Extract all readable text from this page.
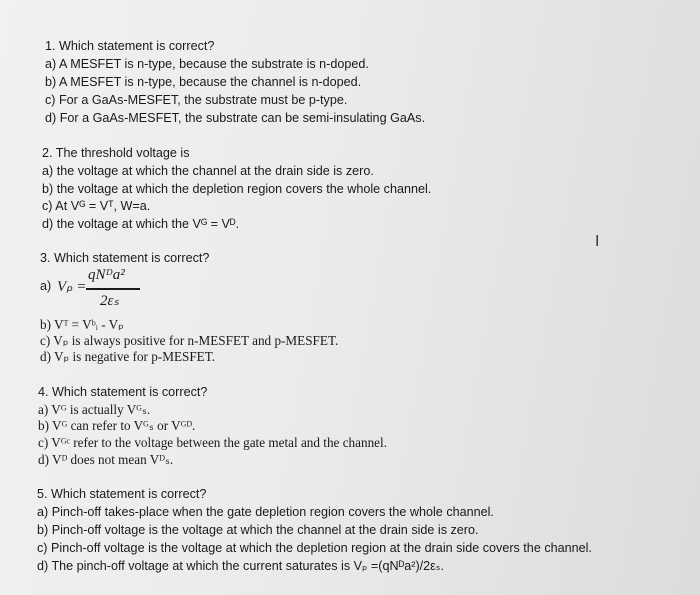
1. Which statement is correct?
a) A MESFET is n-type, because the substrate is n-doped.
b) A MESFET is n-type, because the channel is n-doped.
c) For a GaAs-MESFET, the substrate must be p-type.
d) For a GaAs-MESFET, the substrate can be semi-insulating GaAs.
2. The threshold voltage is
a) the voltage at which the channel at the drain side is zero.
b) the voltage at which the depletion region covers the whole channel.
c) At Vᴳ = Vᵀ, W=a.
d) the voltage at which the Vᴳ = Vᴰ.
I
3. Which statement is correct?
a) Vₚ =
qNᴰa²
2εₛ
b) Vᵀ = Vᵇᵢ - Vₚ
c) Vₚ is always positive for n-MESFET and p-MESFET.
d) Vₚ is negative for p-MESFET.
4. Which statement is correct?
a) Vᴳ is actually Vᴳₛ.
b) Vᴳ can refer to Vᴳₛ or Vᴳᴰ.
c) Vᴳᶜ refer to the voltage between the gate metal and the channel.
d) Vᴰ does not mean Vᴰₛ.
5. Which statement is correct?
a) Pinch-off takes-place when the gate depletion region covers the whole channel.
b) Pinch-off voltage is the voltage at which the channel at the drain side is zero.
c) Pinch-off voltage is the voltage at which the depletion region at the drain side covers the channel.
d) The pinch-off voltage at which the current saturates is Vₚ =(qNᴰa²)/2εₛ.
